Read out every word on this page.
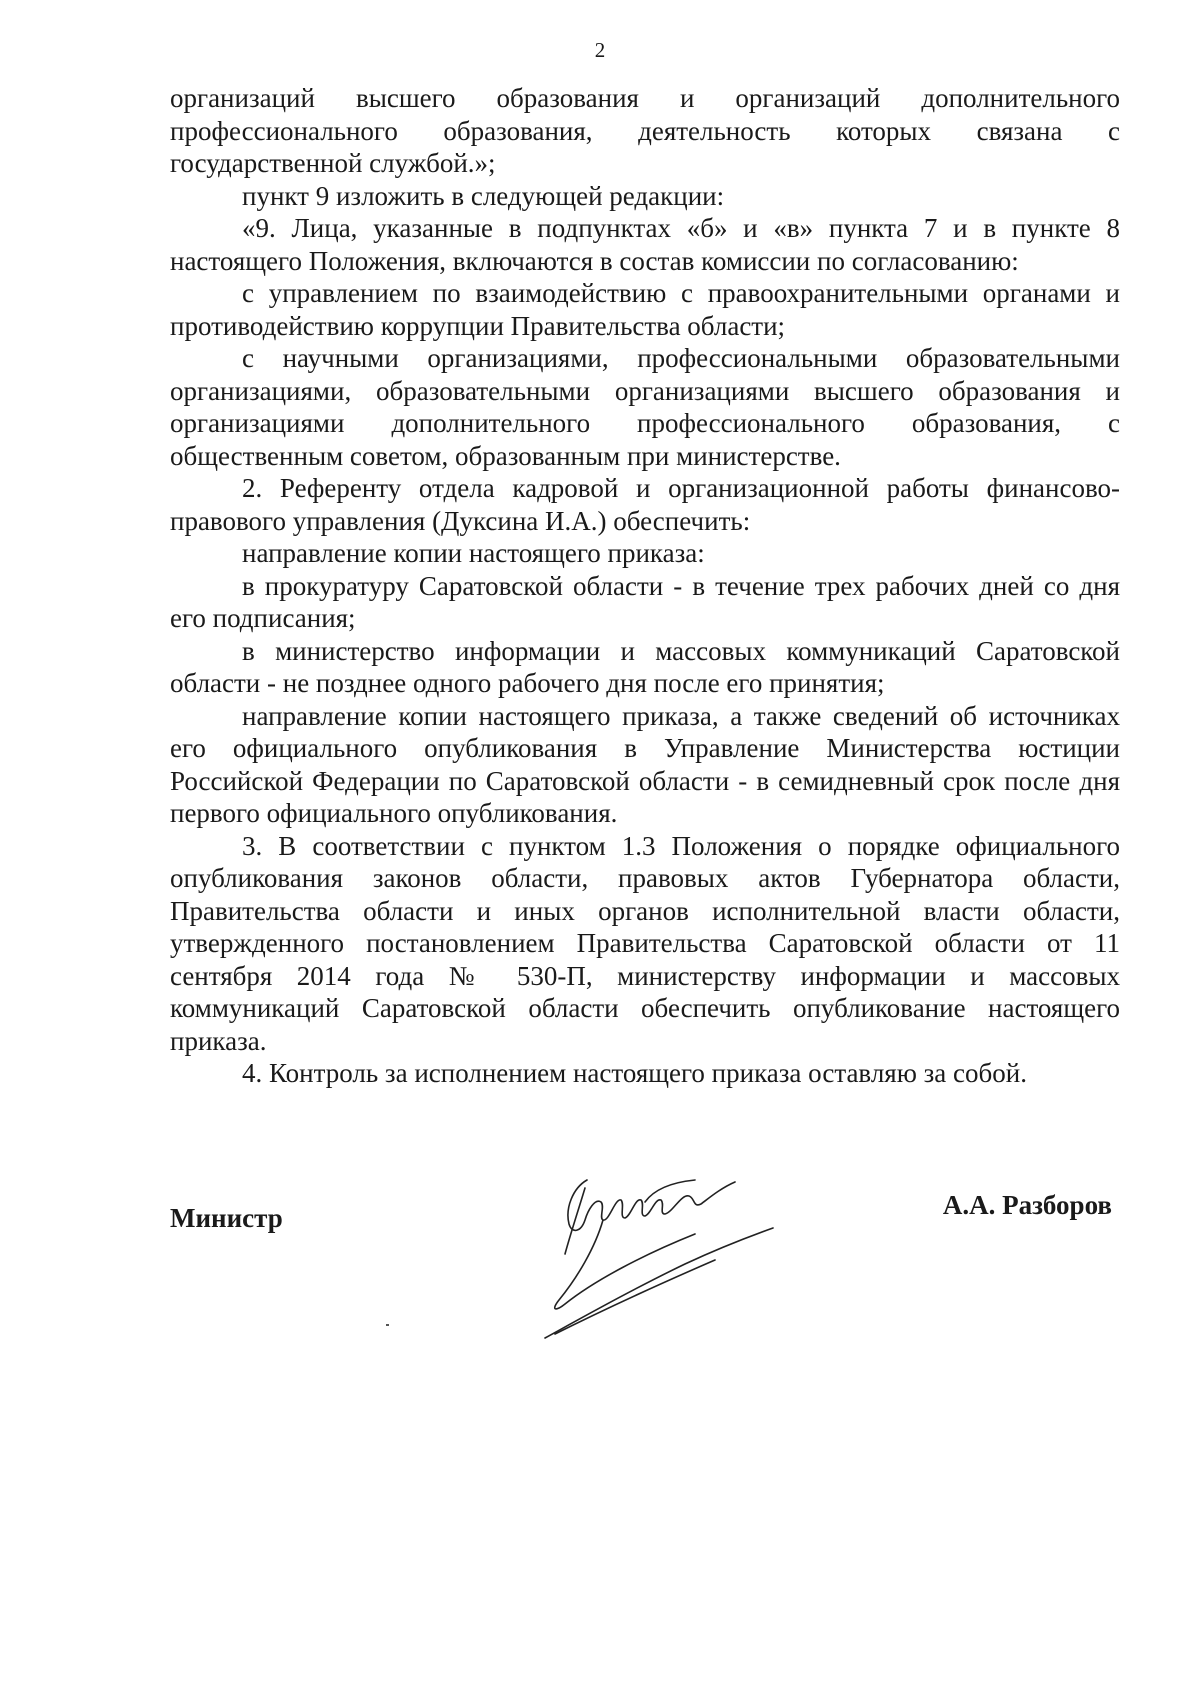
2

организаций высшего образования и организаций дополнительного профессионального образования, деятельность которых связана с государственной службой.»;

пункт 9 изложить в следующей редакции:

«9. Лица, указанные в подпунктах «б» и «в» пункта 7 и в пункте 8 настоящего Положения, включаются в состав комиссии по согласованию:

с управлением по взаимодействию с правоохранительными органами и противодействию коррупции Правительства области;

с научными организациями, профессиональными образовательными организациями, образовательными организациями высшего образования и организациями дополнительного профессионального образования, с общественным советом, образованным при министерстве.

2. Референту отдела кадровой и организационной работы финансово-правового управления (Дуксина И.А.) обеспечить:

направление копии настоящего приказа:

в прокуратуру Саратовской области - в течение трех рабочих дней со дня его подписания;

в министерство информации и массовых коммуникаций Саратовской области - не позднее одного рабочего дня после его принятия;

направление копии настоящего приказа, а также сведений об источниках его официального опубликования в Управление Министерства юстиции Российской Федерации по Саратовской области - в семидневный срок после дня первого официального опубликования.

3. В соответствии с пунктом 1.3 Положения о порядке официального опубликования законов области, правовых актов Губернатора области, Правительства области и иных органов исполнительной власти области, утвержденного постановлением Правительства Саратовской области от 11 сентября 2014 года № 530-П, министерству информации и массовых коммуникаций Саратовской области обеспечить опубликование настоящего приказа.

4. Контроль за исполнением настоящего приказа оставляю за собой.

Министр	А.А. Разборов
